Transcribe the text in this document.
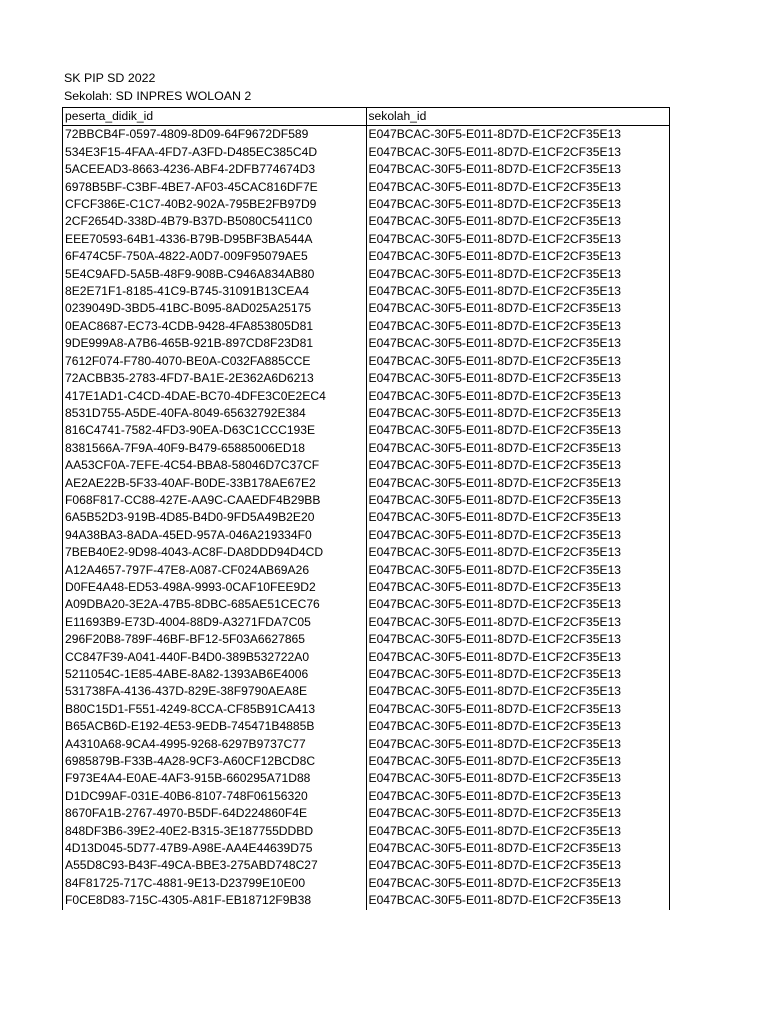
SK PIP SD 2022
Sekolah: SD INPRES WOLOAN 2
peserta_didik_id	sekolah_id
72BBCB4F-0597-4809-8D09-64F9672DF589	E047BCAC-30F5-E011-8D7D-E1CF2CF35E13
534E3F15-4FAA-4FD7-A3FD-D485EC385C4D	E047BCAC-30F5-E011-8D7D-E1CF2CF35E13
5ACEEAD3-8663-4236-ABF4-2DFB774674D3	E047BCAC-30F5-E011-8D7D-E1CF2CF35E13
6978B5BF-C3BF-4BE7-AF03-45CAC816DF7E	E047BCAC-30F5-E011-8D7D-E1CF2CF35E13
CFCF386E-C1C7-40B2-902A-795BE2FB97D9	E047BCAC-30F5-E011-8D7D-E1CF2CF35E13
2CF2654D-338D-4B79-B37D-B5080C5411C0	E047BCAC-30F5-E011-8D7D-E1CF2CF35E13
EEE70593-64B1-4336-B79B-D95BF3BA544A	E047BCAC-30F5-E011-8D7D-E1CF2CF35E13
6F474C5F-750A-4822-A0D7-009F95079AE5	E047BCAC-30F5-E011-8D7D-E1CF2CF35E13
5E4C9AFD-5A5B-48F9-908B-C946A834AB80	E047BCAC-30F5-E011-8D7D-E1CF2CF35E13
8E2E71F1-8185-41C9-B745-31091B13CEA4	E047BCAC-30F5-E011-8D7D-E1CF2CF35E13
0239049D-3BD5-41BC-B095-8AD025A25175	E047BCAC-30F5-E011-8D7D-E1CF2CF35E13
0EAC8687-EC73-4CDB-9428-4FA853805D81	E047BCAC-30F5-E011-8D7D-E1CF2CF35E13
9DE999A8-A7B6-465B-921B-897CD8F23D81	E047BCAC-30F5-E011-8D7D-E1CF2CF35E13
7612F074-F780-4070-BE0A-C032FA885CCE	E047BCAC-30F5-E011-8D7D-E1CF2CF35E13
72ACBB35-2783-4FD7-BA1E-2E362A6D6213	E047BCAC-30F5-E011-8D7D-E1CF2CF35E13
417E1AD1-C4CD-4DAE-BC70-4DFE3C0E2EC4	E047BCAC-30F5-E011-8D7D-E1CF2CF35E13
8531D755-A5DE-40FA-8049-65632792E384	E047BCAC-30F5-E011-8D7D-E1CF2CF35E13
816C4741-7582-4FD3-90EA-D63C1CCC193E	E047BCAC-30F5-E011-8D7D-E1CF2CF35E13
8381566A-7F9A-40F9-B479-65885006ED18	E047BCAC-30F5-E011-8D7D-E1CF2CF35E13
AA53CF0A-7EFE-4C54-BBA8-58046D7C37CF	E047BCAC-30F5-E011-8D7D-E1CF2CF35E13
AE2AE22B-5F33-40AF-B0DE-33B178AE67E2	E047BCAC-30F5-E011-8D7D-E1CF2CF35E13
F068F817-CC88-427E-AA9C-CAAEDF4B29BB	E047BCAC-30F5-E011-8D7D-E1CF2CF35E13
6A5B52D3-919B-4D85-B4D0-9FD5A49B2E20	E047BCAC-30F5-E011-8D7D-E1CF2CF35E13
94A38BA3-8ADA-45ED-957A-046A219334F0	E047BCAC-30F5-E011-8D7D-E1CF2CF35E13
7BEB40E2-9D98-4043-AC8F-DA8DDD94D4CD	E047BCAC-30F5-E011-8D7D-E1CF2CF35E13
A12A4657-797F-47E8-A087-CF024AB69A26	E047BCAC-30F5-E011-8D7D-E1CF2CF35E13
D0FE4A48-ED53-498A-9993-0CAF10FEE9D2	E047BCAC-30F5-E011-8D7D-E1CF2CF35E13
A09DBA20-3E2A-47B5-8DBC-685AE51CEC76	E047BCAC-30F5-E011-8D7D-E1CF2CF35E13
E11693B9-E73D-4004-88D9-A3271FDA7C05	E047BCAC-30F5-E011-8D7D-E1CF2CF35E13
296F20B8-789F-46BF-BF12-5F03A6627865	E047BCAC-30F5-E011-8D7D-E1CF2CF35E13
CC847F39-A041-440F-B4D0-389B532722A0	E047BCAC-30F5-E011-8D7D-E1CF2CF35E13
5211054C-1E85-4ABE-8A82-1393AB6E4006	E047BCAC-30F5-E011-8D7D-E1CF2CF35E13
531738FA-4136-437D-829E-38F9790AEA8E	E047BCAC-30F5-E011-8D7D-E1CF2CF35E13
B80C15D1-F551-4249-8CCA-CF85B91CA413	E047BCAC-30F5-E011-8D7D-E1CF2CF35E13
B65ACB6D-E192-4E53-9EDB-745471B4885B	E047BCAC-30F5-E011-8D7D-E1CF2CF35E13
A4310A68-9CA4-4995-9268-6297B9737C77	E047BCAC-30F5-E011-8D7D-E1CF2CF35E13
6985879B-F33B-4A28-9CF3-A60CF12BCD8C	E047BCAC-30F5-E011-8D7D-E1CF2CF35E13
F973E4A4-E0AE-4AF3-915B-660295A71D88	E047BCAC-30F5-E011-8D7D-E1CF2CF35E13
D1DC99AF-031E-40B6-8107-748F06156320	E047BCAC-30F5-E011-8D7D-E1CF2CF35E13
8670FA1B-2767-4970-B5DF-64D224860F4E	E047BCAC-30F5-E011-8D7D-E1CF2CF35E13
848DF3B6-39E2-40E2-B315-3E187755DDBD	E047BCAC-30F5-E011-8D7D-E1CF2CF35E13
4D13D045-5D77-47B9-A98E-AA4E44639D75	E047BCAC-30F5-E011-8D7D-E1CF2CF35E13
A55D8C93-B43F-49CA-BBE3-275ABD748C27	E047BCAC-30F5-E011-8D7D-E1CF2CF35E13
84F81725-717C-4881-9E13-D23799E10E00	E047BCAC-30F5-E011-8D7D-E1CF2CF35E13
F0CE8D83-715C-4305-A81F-EB18712F9B38	E047BCAC-30F5-E011-8D7D-E1CF2CF35E13
